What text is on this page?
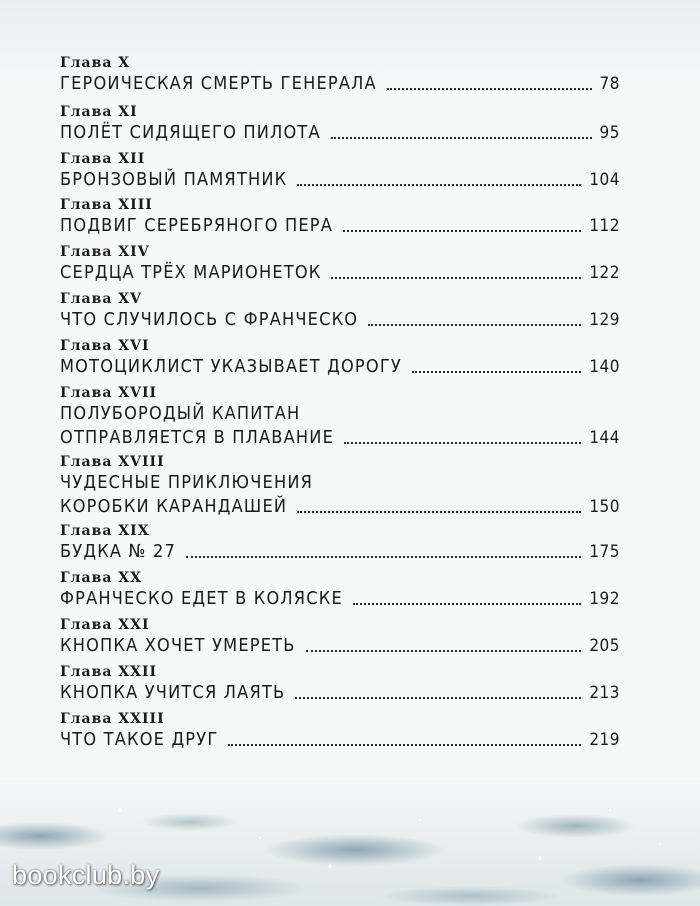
Глава X
ГЕРОИЧЕСКАЯ СМЕРТЬ ГЕНЕРАЛА	78
Глава XI
ПОЛЁТ СИДЯЩЕГО ПИЛОТА	95
Глава XII
БРОНЗОВЫЙ ПАМЯТНИК	104
Глава XIII
ПОДВИГ СЕРЕБРЯНОГО ПЕРА	112
Глава XIV
СЕРДЦА ТРЁХ МАРИОНЕТОК	122
Глава XV
ЧТО СЛУЧИЛОСЬ С ФРАНЧЕСКО	129
Глава XVI
МОТОЦИКЛИСТ УКАЗЫВАЕТ ДОРОГУ	140
Глава XVII
ПОЛУБОРОДЫЙ КАПИТАН
ОТПРАВЛЯЕТСЯ В ПЛАВАНИЕ	144
Глава XVIII
ЧУДЕСНЫЕ ПРИКЛЮЧЕНИЯ
КОРОБКИ КАРАНДАШЕЙ	150
Глава XIX
БУДКА № 27	175
Глава XX
ФРАНЧЕСКО ЕДЕТ В КОЛЯСКЕ	192
Глава XXI
КНОПКА ХОЧЕТ УМЕРЕТЬ	205
Глава XXII
КНОПКА УЧИТСЯ ЛАЯТЬ	213
Глава XXIII
ЧТО ТАКОЕ ДРУГ	219
bookclub.by
